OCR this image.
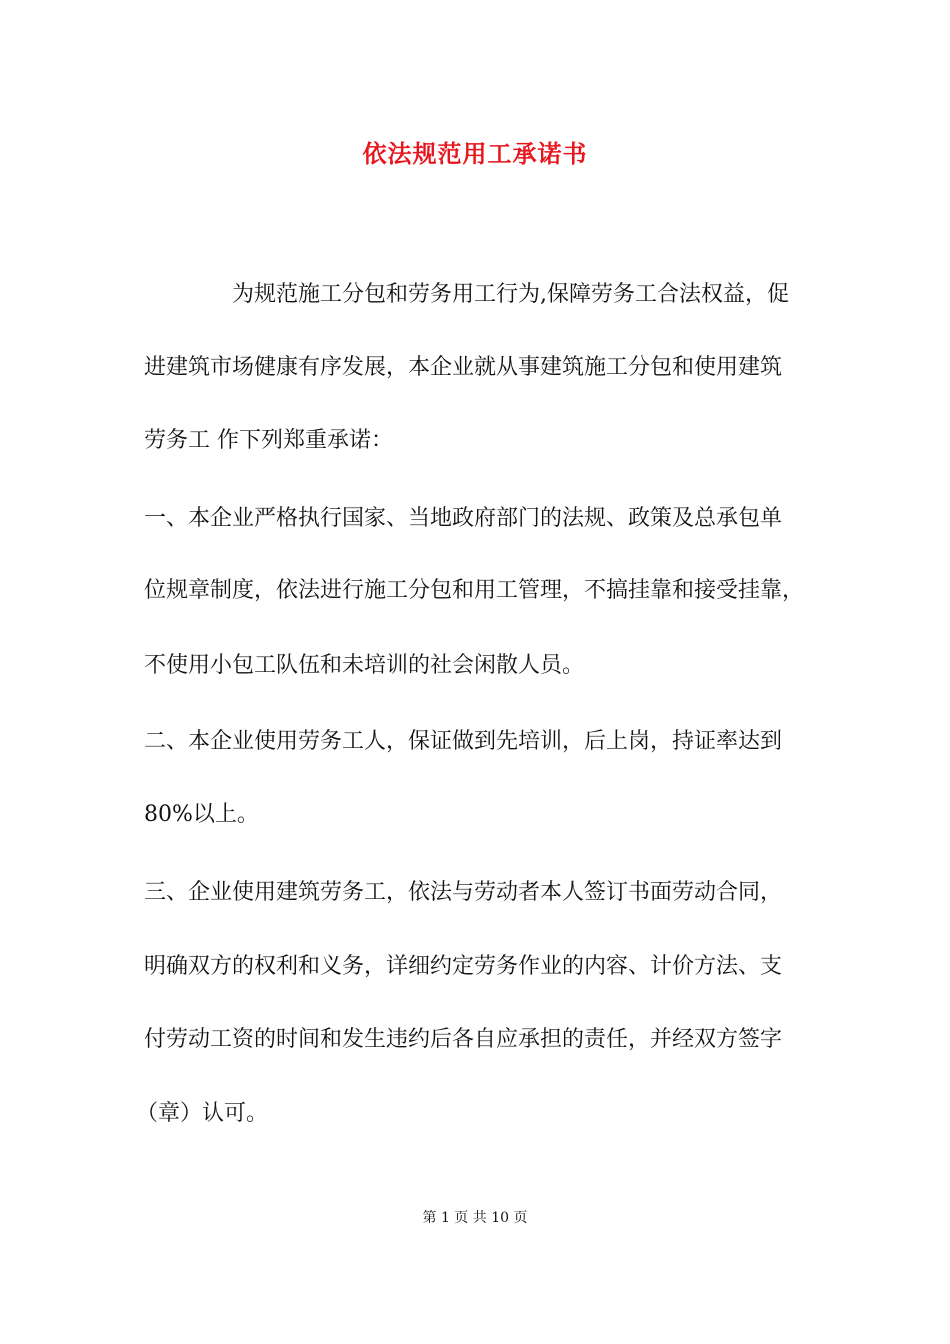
依法规范用工承诺书

为规范施工分包和劳务用工行为,保障劳务工合法权益，促

进建筑市场健康有序发展，本企业就从事建筑施工分包和使用建筑

劳务工 作下列郑重承诺：

一、本企业严格执行国家、当地政府部门的法规、政策及总承包单

位规章制度，依法进行施工分包和用工管理，不搞挂靠和接受挂靠，

不使用小包工队伍和未培训的社会闲散人员。

二、本企业使用劳务工人，保证做到先培训，后上岗，持证率达到

80%以上。

三、企业使用建筑劳务工，依法与劳动者本人签订书面劳动合同，

明确双方的权利和义务，详细约定劳务作业的内容、计价方法、支

付劳动工资的时间和发生违约后各自应承担的责任，并经双方签字

（章）认可。

第 1 页 共 10 页
